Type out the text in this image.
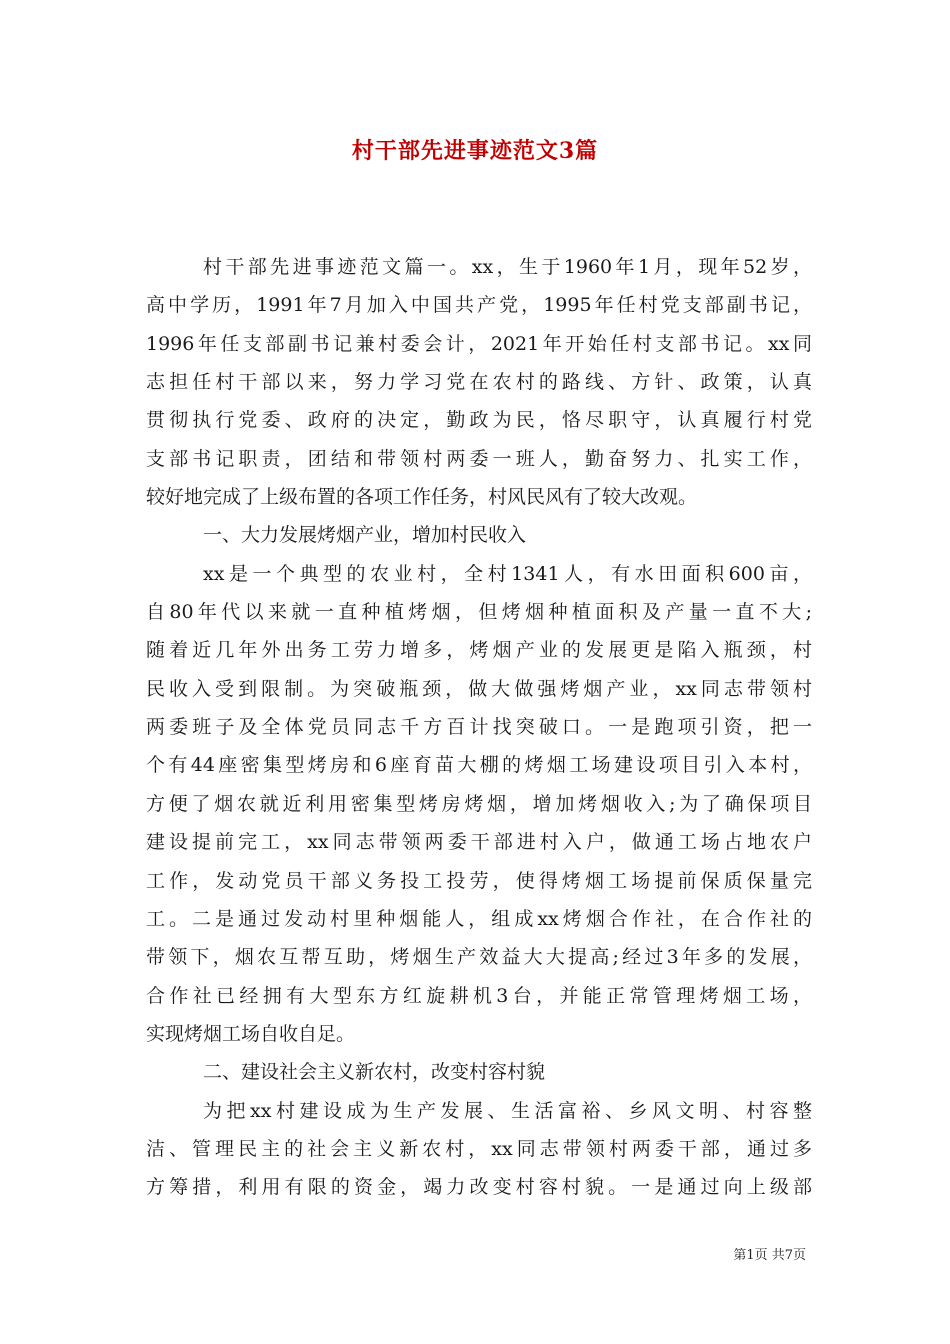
村干部先进事迹范文3篇
村干部先进事迹范文篇一。xx，生于1960年1月，现年52岁，
高中学历，1991年7月加入中国共产党，1995年任村党支部副书记，
1996年任支部副书记兼村委会计，2021年开始任村支部书记。xx同
志担任村干部以来，努力学习党在农村的路线、方针、政策，认真
贯彻执行党委、政府的决定，勤政为民，恪尽职守，认真履行村党
支部书记职责，团结和带领村两委一班人，勤奋努力、扎实工作，
较好地完成了上级布置的各项工作任务，村风民风有了较大改观。
一、大力发展烤烟产业，增加村民收入
xx是一个典型的农业村，全村1341人，有水田面积600亩，
自80年代以来就一直种植烤烟，但烤烟种植面积及产量一直不大;
随着近几年外出务工劳力增多，烤烟产业的发展更是陷入瓶颈，村
民收入受到限制。为突破瓶颈，做大做强烤烟产业，xx同志带领村
两委班子及全体党员同志千方百计找突破口。一是跑项引资，把一
个有44座密集型烤房和6座育苗大棚的烤烟工场建设项目引入本村，
方便了烟农就近利用密集型烤房烤烟，增加烤烟收入;为了确保项目
建设提前完工，xx同志带领两委干部进村入户，做通工场占地农户
工作，发动党员干部义务投工投劳，使得烤烟工场提前保质保量完
工。二是通过发动村里种烟能人，组成xx烤烟合作社，在合作社的
带领下，烟农互帮互助，烤烟生产效益大大提高;经过3年多的发展，
合作社已经拥有大型东方红旋耕机3台，并能正常管理烤烟工场，
实现烤烟工场自收自足。
二、建设社会主义新农村，改变村容村貌
为把xx村建设成为生产发展、生活富裕、乡风文明、村容整
洁、管理民主的社会主义新农村，xx同志带领村两委干部，通过多
方筹措，利用有限的资金，竭力改变村容村貌。一是通过向上级部
第1页 共7页
